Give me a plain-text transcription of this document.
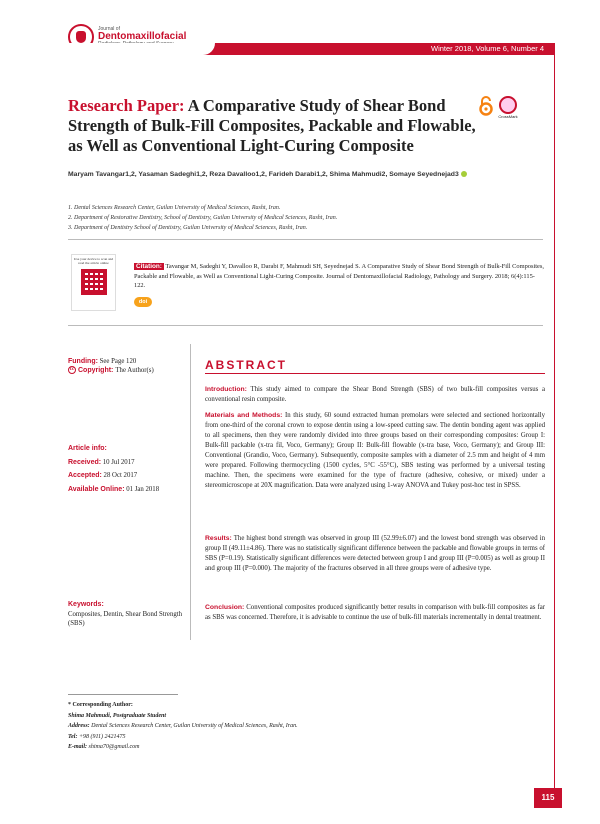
Journal of
Dentomaxillofacial
Winter 2018, Volume 6, Number 4
Research Paper: A Comparative Study of Shear Bond Strength of Bulk-Fill Composites, Packable and Flowable, as Well as Conventional Light-Curing Composite
CrossMark
Maryam Tavangar1,2, Yasaman Sadeghi1,2, Reza Davalloo1,2, Farideh Darabi1,2, Shima Mahmudi2, Somaye Seyednejad3
1. Dental Sciences Research Center, Guilan University of Medical Sciences, Rasht, Iran.
2. Department of Restorative Dentistry, School of Dentistry, Guilan University of Medical Sciences, Rasht, Iran.
3. Department of Dentistry School of Dentistry, Guilan University of Medical Sciences, Rasht, Iran.
Use your device to scan and read the article online	Citation: Tavangar M, Sadeghi Y, Davalloo R, Darabi F, Mahmudi SH, Seyednejad S. A Comparative Study of Shear Bond Strength of Bulk-Fill Composites, Packable and Flowable, as Well as Conventional Light-Curing Composite. Journal of Dentomaxillofacial Radiology, Pathology and Surgery. 2018; 6(4):115-122.
doi
Funding: See Page 120
cc Copyright: The Author(s)
Article info:
Received: 10 Jul 2017
Accepted: 28 Oct 2017
Available Online: 01 Jan 2018
Keywords:
Composites, Dentin, Shear Bond Strength (SBS)
ABSTRACT
Introduction: This study aimed to compare the Shear Bond Strength (SBS) of two bulk-fill composites versus a conventional resin composite.
Materials and Methods: In this study, 60 sound extracted human premolars were selected and sectioned horizontally from one-third of the coronal crown to expose dentin using a low-speed cutting saw. The dentin bonding agent was applied to all specimens, then they were randomly divided into three groups based on their corresponding composites: Group I: Bulk-fill packable (x-tra fil, Voco, Germany); Group II: Bulk-fill flowable (x-tra base, Voco, Germany); and Group III: Conventional (Grandio, Voco, Germany). Subsequently, composite samples with a diameter of 2.5 mm and height of 4 mm were prepared. Following thermocycling (1500 cycles, 5°C -55°C), SBS testing was performed by a universal testing machine. Then, the specimens were examined for the type of fracture (adhesive, cohesive, or mixed) under a stereomicroscope at 20X magnification. Data were analyzed using 1-way ANOVA and Tukey post-hoc test in SPSS.
Results: The highest bond strength was observed in group III (52.99±6.07) and the lowest bond strength was observed in group II (49.11±4.86). There was no statistically significant difference between the packable and flowable groups in terms of SBS (P=0.19). Statistically significant differences were detected between group I and group III (P=0.005) as well as group II and group III (P=0.000). The majority of the fractures observed in all three groups were of adhesive type.
Conclusion: Conventional composites produced significantly better results in comparison with bulk-fill composites as far as SBS was concerned. Therefore, it is advisable to continue the use of bulk-fill materials incrementally in dental treatment.
* Corresponding Author:
Shima Mahmudi, Postgraduate Student
Address: Dental Sciences Research Center, Guilan University of Medical Sciences, Rasht, Iran.
Tel: +98 (911) 2421475
E-mail: shima70@gmail.com
115
